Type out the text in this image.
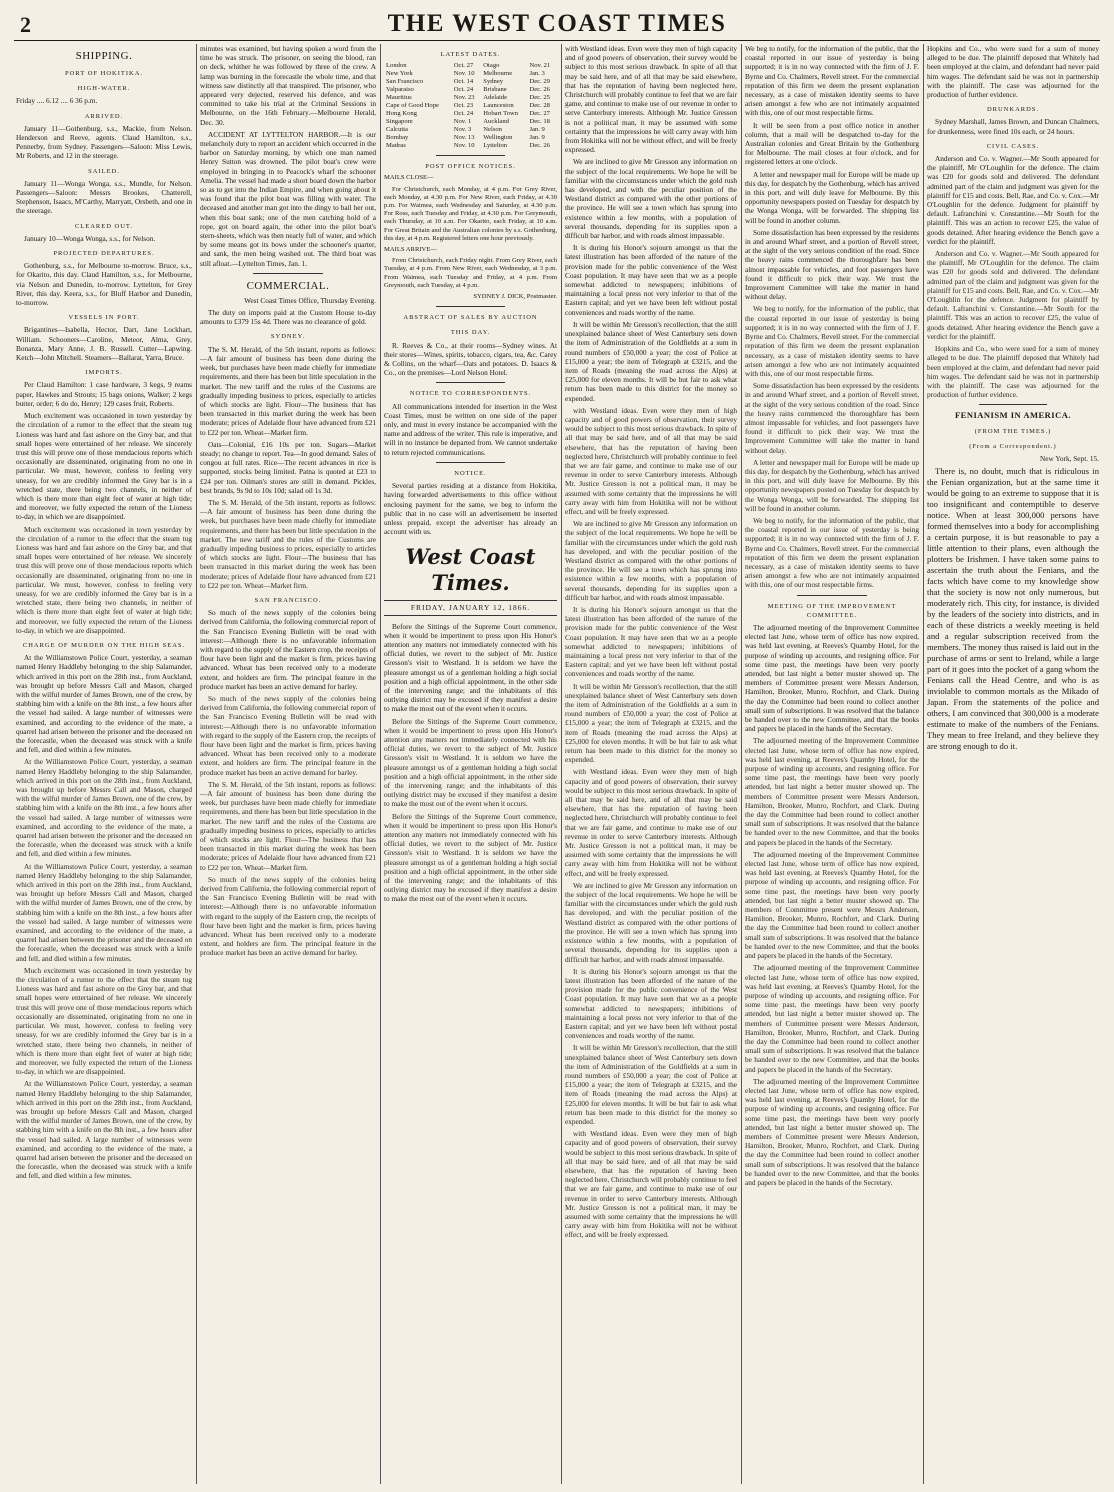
2	THE WEST COAST TIMES
SHIPPING.
PORT OF HOKITIKA.
HIGH-WATER.

Friday .... 6.12 .... 6 36 p.m.

ARRIVED.

January 11—Gothenburg, s.s., Mackie, from Nelson. Henderson and Reeve, agents. Claud Hamilton, s.s., Pennerby, from Sydney. Passengers—Saloon: Miss Lewis, Mr Roberts, and 12 in the steerage.

SAILED.

January 11—Wonga Wonga, s.s., Mundle, for Nelson. Passengers—Saloon: Messrs Brookes, Chatterell, Stephenson, Isaacs, M'Carthy, Marryatt, Orsbeth, and one in the steerage.

CLEARED OUT.

January 10—Wonga Wonga, s.s., for Nelson.

PROJECTED DEPARTURES.

Gothenburg, s.s., for Melbourne to-morrow. Bruce, s.s., for Okarito, this day. Claud Hamilton, s.s., for Melbourne, via Nelson and Dunedin, to-morrow. Lyttelton, for Grey River, this day. Keera, s.s., for Bluff Harbor and Dunedin, to-morrow.

VESSELS IN PORT.

Brigantines—Isabella, Hector, Dart, Jane Lockhart, William. Schooners—Caroline, Meteor, Alma, Grey, Bonanza, Mary Anne, J. B. Russell. Cutter—Lapwing. Ketch—John Mitchell. Steamers—Ballarat, Yarra, Bruce.

IMPORTS.

Per Claud Hamilton: 1 case hardware, 3 kegs, 9 reams paper, Hawkes and Strouts; 15 bags onions, Walker; 2 kegs butter, order; 6 do do, Henry; 129 cases fruit, Roberts.

Much excitement was occasioned in town yesterday by the circulation of a rumor to the effect that the steam tug Lioness was hard and fast ashore on the Grey bar, and that small hopes were entertained of her release. We sincerely trust this will prove one of those mendacious reports which occasionally are disseminated, originating from no one in particular. We must, however, confess to feeling very uneasy, for we are credibly informed the Grey bar is in a wretched state, there being two channels, in neither of which is there more than eight feet of water at high tide; and moreover, we fully expected the return of the Lioness to-day, in which we are disappointed.

Much excitement was occasioned in town yesterday by the circulation of a rumor to the effect that the steam tug Lioness was hard and fast ashore on the Grey bar, and that small hopes were entertained of her release. We sincerely trust this will prove one of those mendacious reports which occasionally are disseminated, originating from no one in particular. We must, however, confess to feeling very uneasy, for we are credibly informed the Grey bar is in a wretched state, there being two channels, in neither of which is there more than eight feet of water at high tide; and moreover, we fully expected the return of the Lioness to-day, in which we are disappointed.

CHARGE OF MURDER ON THE HIGH SEAS.

At the Williamstown Police Court, yesterday, a seaman named Henry Haddleby belonging to the ship Salamander, which arrived in this port on the 28th inst., from Auckland, was brought up before Messrs Call and Mason, charged with the wilful murder of James Brown, one of the crew, by stabbing him with a knife on the 8th inst., a few hours after the vessel had sailed. A large number of witnesses were examined, and according to the evidence of the mate, a quarrel had arisen between the prisoner and the deceased on the forecastle, when the deceased was struck with a knife and fell, and died within a few minutes.

At the Williamstown Police Court, yesterday, a seaman named Henry Haddleby belonging to the ship Salamander, which arrived in this port on the 28th inst., from Auckland, was brought up before Messrs Call and Mason, charged with the wilful murder of James Brown, one of the crew, by stabbing him with a knife on the 8th inst., a few hours after the vessel had sailed. A large number of witnesses were examined, and according to the evidence of the mate, a quarrel had arisen between the prisoner and the deceased on the forecastle, when the deceased was struck with a knife and fell, and died within a few minutes.

At the Williamstown Police Court, yesterday, a seaman named Henry Haddleby belonging to the ship Salamander, which arrived in this port on the 28th inst., from Auckland, was brought up before Messrs Call and Mason, charged with the wilful murder of James Brown, one of the crew, by stabbing him with a knife on the 8th inst., a few hours after the vessel had sailed. A large number of witnesses were examined, and according to the evidence of the mate, a quarrel had arisen between the prisoner and the deceased on the forecastle, when the deceased was struck with a knife and fell, and died within a few minutes.

Much excitement was occasioned in town yesterday by the circulation of a rumor to the effect that the steam tug Lioness was hard and fast ashore on the Grey bar, and that small hopes were entertained of her release. We sincerely trust this will prove one of those mendacious reports which occasionally are disseminated, originating from no one in particular. We must, however, confess to feeling very uneasy, for we are credibly informed the Grey bar is in a wretched state, there being two channels, in neither of which is there more than eight feet of water at high tide; and moreover, we fully expected the return of the Lioness to-day, in which we are disappointed.

At the Williamstown Police Court, yesterday, a seaman named Henry Haddleby belonging to the ship Salamander, which arrived in this port on the 28th inst., from Auckland, was brought up before Messrs Call and Mason, charged with the wilful murder of James Brown, one of the crew, by stabbing him with a knife on the 8th inst., a few hours after the vessel had sailed. A large number of witnesses were examined, and according to the evidence of the mate, a quarrel had arisen between the prisoner and the deceased on the forecastle, when the deceased was struck with a knife and fell, and died within a few minutes.

minutes was examined, but having spoken a word from the time he was struck. The prisoner, on seeing the blood, ran on deck, whither he was followed by three of the crew. A lamp was burning in the forecastle the whole time, and that witness saw distinctly all that transpired. The prisoner, who appeared very dejected, reserved his defence, and was committed to take his trial at the Criminal Sessions in Melbourne, on the 16th February.—Melbourne Herald, Dec. 30.

ACCIDENT AT LYTTELTON HARBOR.—It is our melancholy duty to report an accident which occurred in the harbor on Saturday morning, by which one man named Henry Sutton was drowned. The pilot boat's crew were employed in bringing in to Peacock's wharf the schooner Amelia. The vessel had made a short board down the harbor so as to get into the Indian Empire, and when going about it was found that the pilot boat was filling with water. The deceased and another man got into the dingy to bail her out, when this boat sank; one of the men catching hold of a rope, got on board again, the other into the pilot boat's stern-sheets, which was then nearly full of water, and which by some means got its bows under the schooner's quarter, and sank, the men being washed out. The third boat was still afloat.—Lyttelton Times, Jan. 1.

COMMERCIAL.

West Coast Times Office, Thursday Evening.

The duty on imports paid at the Custom House to-day amounts to £379 15s 4d. There was no clearance of gold.

SYDNEY.

The S. M. Herald, of the 5th instant, reports as follows:—A fair amount of business has been done during the week, but purchases have been made chiefly for immediate requirements, and there has been but little speculation in the market. The new tariff and the rules of the Customs are gradually impeding business to prices, especially to articles of which stocks are light. Flour—The business that has been transacted in this market during the week has been moderate; prices of Adelaide flour have advanced from £21 to £22 per ton. Wheat—Market firm.

Oats—Colonial, £16 10s per ton. Sugars—Market steady; no change to report. Tea—In good demand. Sales of congou at full rates. Rice—The recent advances in rice is supported, stocks being limited. Patna is quoted at £23 to £24 per ton. Oilman's stores are still in demand. Pickles, best brands, 9s 9d to 10s 10d; salad oil 1s 3d.

The S. M. Herald, of the 5th instant, reports as follows:—A fair amount of business has been done during the week, but purchases have been made chiefly for immediate requirements, and there has been but little speculation in the market. The new tariff and the rules of the Customs are gradually impeding business to prices, especially to articles of which stocks are light. Flour—The business that has been transacted in this market during the week has been moderate; prices of Adelaide flour have advanced from £21 to £22 per ton. Wheat—Market firm.

SAN FRANCISCO.

So much of the news supply of the colonies being derived from California, the following commercial report of the San Francisco Evening Bulletin will be read with interest:—Although there is no unfavorable information with regard to the supply of the Eastern crop, the receipts of flour have been light and the market is firm, prices having advanced. Wheat has been received only to a moderate extent, and holders are firm. The principal feature in the produce market has been an active demand for barley.

So much of the news supply of the colonies being derived from California, the following commercial report of the San Francisco Evening Bulletin will be read with interest:—Although there is no unfavorable information with regard to the supply of the Eastern crop, the receipts of flour have been light and the market is firm, prices having advanced. Wheat has been received only to a moderate extent, and holders are firm. The principal feature in the produce market has been an active demand for barley.

The S. M. Herald, of the 5th instant, reports as follows:—A fair amount of business has been done during the week, but purchases have been made chiefly for immediate requirements, and there has been but little speculation in the market. The new tariff and the rules of the Customs are gradually impeding business to prices, especially to articles of which stocks are light. Flour—The business that has been transacted in this market during the week has been moderate; prices of Adelaide flour have advanced from £21 to £22 per ton. Wheat—Market firm.

So much of the news supply of the colonies being derived from California, the following commercial report of the San Francisco Evening Bulletin will be read with interest:—Although there is no unfavorable information with regard to the supply of the Eastern crop, the receipts of flour have been light and the market is firm, prices having advanced. Wheat has been received only to a moderate extent, and holders are firm. The principal feature in the produce market has been an active demand for barley.

LATEST DATES.
London	Oct. 27	Otago	Nov. 21
New York	Nov. 10	Melbourne	Jan. 3
San Francisco	Oct. 14	Sydney	Dec. 29
Valparaiso	Oct. 24	Brisbane	Dec. 26
Mauritius	Nov. 23	Adelaide	Dec. 25
Cape of Good Hope	Oct. 23	Launceston	Dec. 28
Hong Kong	Oct. 24	Hobart Town	Dec. 27
Singapore	Nov. 1	Auckland	Dec. 18
Calcutta	Nov. 3	Nelson	Jan. 9
Bombay	Nov. 13	Wellington	Jan. 9
Madras	Nov. 10	Lyttelton	Dec. 26
POST OFFICE NOTICES.

MAILS CLOSE—

For Christchurch, each Monday, at 4 p.m. For Grey River, each Monday, at 4.30 p.m. For New River, each Friday, at 4.30 p.m. For Waimea, each Wednesday and Saturday, at 4.30 p.m. For Ross, each Tuesday and Friday, at 4.30 p.m. For Greymouth, each Thursday, at 10 a.m. For Okarito, each Friday, at 10 a.m. For Great Britain and the Australian colonies by s.s. Gothenburg, this day, at 4 p.m. Registered letters one hour previously.

MAILS ARRIVE—

From Christchurch, each Friday night. From Grey River, each Tuesday, at 4 p.m. From New River, each Wednesday, at 3 p.m. From Waimea, each Tuesday and Friday, at 4 p.m. From Greymouth, each Tuesday, at 4 p.m.

SYDNEY J. DICK, Postmaster.

ABSTRACT OF SALES BY AUCTION
THIS DAY.

R. Reeves & Co., at their rooms—Sydney wines. At their stores—Wines, spirits, tobacco, cigars, tea, &c. Carey & Collins, on the wharf—Oats and potatoes. D. Isaacs & Co., on the premises—Lord Nelson Hotel.

NOTICE TO CORRESPONDENTS.

All communications intended for insertion in the West Coast Times, must be written on one side of the paper only, and must in every instance be accompanied with the name and address of the writer. This rule is imperative, and will in no instance be departed from. We cannot undertake to return rejected communications.

NOTICE.

Several parties residing at a distance from Hokitika, having forwarded advertisements to this office without enclosing payment for the same, we beg to inform the public that in no case will an advertisement be inserted unless prepaid, except the advertiser has already an account with us.

West Coast Times.
FRIDAY, JANUARY 12, 1866.

Before the Sittings of the Supreme Court commence, when it would be impertinent to press upon His Honor's attention any matters not immediately connected with his official duties, we revert to the subject of Mr. Justice Gresson's visit to Westland. It is seldom we have the pleasure amongst us of a gentleman holding a high social position and a high official appointment, in the other side of the intervening range; and the inhabitants of this outlying district may be excused if they manifest a desire to make the most out of the event when it occurs.

Before the Sittings of the Supreme Court commence, when it would be impertinent to press upon His Honor's attention any matters not immediately connected with his official duties, we revert to the subject of Mr. Justice Gresson's visit to Westland. It is seldom we have the pleasure amongst us of a gentleman holding a high social position and a high official appointment, in the other side of the intervening range; and the inhabitants of this outlying district may be excused if they manifest a desire to make the most out of the event when it occurs.

Before the Sittings of the Supreme Court commence, when it would be impertinent to press upon His Honor's attention any matters not immediately connected with his official duties, we revert to the subject of Mr. Justice Gresson's visit to Westland. It is seldom we have the pleasure amongst us of a gentleman holding a high social position and a high official appointment, in the other side of the intervening range; and the inhabitants of this outlying district may be excused if they manifest a desire to make the most out of the event when it occurs.

with Westland ideas. Even were they men of high capacity and of good powers of observation, their survey would be subject to this most serious drawback. In spite of all that may be said here, and of all that may be said elsewhere, that has the reputation of having been neglected here, Christchurch will probably continue to feel that we are fair game, and continue to make use of our revenue in order to serve Canterbury interests. Although Mr. Justice Gresson is not a political man, it may be assumed with some certainty that the impressions he will carry away with him from Hokitika will not be without effect, and will be freely expressed.

We are inclined to give Mr Gresson any information on the subject of the local requirements. We hope he will be familiar with the circumstances under which the gold rush has developed, and with the peculiar position of the Westland district as compared with the other portions of the province. He will see a town which has sprung into existence within a few months, with a population of several thousands, depending for its supplies upon a difficult bar harbor, and with roads almost impassable.

It is during his Honor's sojourn amongst us that the latest illustration has been afforded of the nature of the provision made for the public convenience of the West Coast population. It may have seen that we as a people somewhat addicted to newspapers; inhibitions of maintaining a local press not very inferior to that of the Eastern capital; and yet we have been left without postal conveniences and roads worthy of the name.

It will be within Mr Gresson's recollection, that the still unexplained balance sheet of West Canterbury sets down the item of Administration of the Goldfields at a sum in round numbers of £50,000 a year; the cost of Police at £15,000 a year; the item of Telegraph at £3215, and the item of Roads (meaning the road across the Alps) at £25,000 for eleven months. It will be but fair to ask what return has been made to this district for the money so expended.

with Westland ideas. Even were they men of high capacity and of good powers of observation, their survey would be subject to this most serious drawback. In spite of all that may be said here, and of all that may be said elsewhere, that has the reputation of having been neglected here, Christchurch will probably continue to feel that we are fair game, and continue to make use of our revenue in order to serve Canterbury interests. Although Mr. Justice Gresson is not a political man, it may be assumed with some certainty that the impressions he will carry away with him from Hokitika will not be without effect, and will be freely expressed.

We are inclined to give Mr Gresson any information on the subject of the local requirements. We hope he will be familiar with the circumstances under which the gold rush has developed, and with the peculiar position of the Westland district as compared with the other portions of the province. He will see a town which has sprung into existence within a few months, with a population of several thousands, depending for its supplies upon a difficult bar harbor, and with roads almost impassable.

It is during his Honor's sojourn amongst us that the latest illustration has been afforded of the nature of the provision made for the public convenience of the West Coast population. It may have seen that we as a people somewhat addicted to newspapers; inhibitions of maintaining a local press not very inferior to that of the Eastern capital; and yet we have been left without postal conveniences and roads worthy of the name.

It will be within Mr Gresson's recollection, that the still unexplained balance sheet of West Canterbury sets down the item of Administration of the Goldfields at a sum in round numbers of £50,000 a year; the cost of Police at £15,000 a year; the item of Telegraph at £3215, and the item of Roads (meaning the road across the Alps) at £25,000 for eleven months. It will be but fair to ask what return has been made to this district for the money so expended.

with Westland ideas. Even were they men of high capacity and of good powers of observation, their survey would be subject to this most serious drawback. In spite of all that may be said here, and of all that may be said elsewhere, that has the reputation of having been neglected here, Christchurch will probably continue to feel that we are fair game, and continue to make use of our revenue in order to serve Canterbury interests. Although Mr. Justice Gresson is not a political man, it may be assumed with some certainty that the impressions he will carry away with him from Hokitika will not be without effect, and will be freely expressed.

We are inclined to give Mr Gresson any information on the subject of the local requirements. We hope he will be familiar with the circumstances under which the gold rush has developed, and with the peculiar position of the Westland district as compared with the other portions of the province. He will see a town which has sprung into existence within a few months, with a population of several thousands, depending for its supplies upon a difficult bar harbor, and with roads almost impassable.

It is during his Honor's sojourn amongst us that the latest illustration has been afforded of the nature of the provision made for the public convenience of the West Coast population. It may have seen that we as a people somewhat addicted to newspapers; inhibitions of maintaining a local press not very inferior to that of the Eastern capital; and yet we have been left without postal conveniences and roads worthy of the name.

It will be within Mr Gresson's recollection, that the still unexplained balance sheet of West Canterbury sets down the item of Administration of the Goldfields at a sum in round numbers of £50,000 a year; the cost of Police at £15,000 a year; the item of Telegraph at £3215, and the item of Roads (meaning the road across the Alps) at £25,000 for eleven months. It will be but fair to ask what return has been made to this district for the money so expended.

with Westland ideas. Even were they men of high capacity and of good powers of observation, their survey would be subject to this most serious drawback. In spite of all that may be said here, and of all that may be said elsewhere, that has the reputation of having been neglected here, Christchurch will probably continue to feel that we are fair game, and continue to make use of our revenue in order to serve Canterbury interests. Although Mr. Justice Gresson is not a political man, it may be assumed with some certainty that the impressions he will carry away with him from Hokitika will not be without effect, and will be freely expressed.

We beg to notify, for the information of the public, that the coastal reported in our issue of yesterday is being supported; it is in no way connected with the firm of J. F. Byrne and Co. Chalmers, Revell street. For the commercial reputation of this firm we deem the present explanation necessary, as a case of mistaken identity seems to have arisen amongst a few who are not intimately acquainted with this, one of our most respectable firms.

It will be seen from a post office notice in another column, that a mail will be despatched to-day for the Australian colonies and Great Britain by the Gothenburg for Melbourne. The mail closes at four o'clock, and for registered letters at one o'clock.

A letter and newspaper mail for Europe will be made up this day, for despatch by the Gothenburg, which has arrived in this port, and will duly leave for Melbourne. By this opportunity newspapers posted on Tuesday for despatch by the Wonga Wonga, will be forwarded. The shipping list will be found in another column.

Some dissatisfaction has been expressed by the residents in and around Wharf street, and a portion of Revell street, at the sight of the very serious condition of the road. Since the heavy rains commenced the thoroughfare has been almost impassable for vehicles, and foot passengers have found it difficult to pick their way. We trust the Improvement Committee will take the matter in hand without delay.

We beg to notify, for the information of the public, that the coastal reported in our issue of yesterday is being supported; it is in no way connected with the firm of J. F. Byrne and Co. Chalmers, Revell street. For the commercial reputation of this firm we deem the present explanation necessary, as a case of mistaken identity seems to have arisen amongst a few who are not intimately acquainted with this, one of our most respectable firms.

Some dissatisfaction has been expressed by the residents in and around Wharf street, and a portion of Revell street, at the sight of the very serious condition of the road. Since the heavy rains commenced the thoroughfare has been almost impassable for vehicles, and foot passengers have found it difficult to pick their way. We trust the Improvement Committee will take the matter in hand without delay.

A letter and newspaper mail for Europe will be made up this day, for despatch by the Gothenburg, which has arrived in this port, and will duly leave for Melbourne. By this opportunity newspapers posted on Tuesday for despatch by the Wonga Wonga, will be forwarded. The shipping list will be found in another column.

We beg to notify, for the information of the public, that the coastal reported in our issue of yesterday is being supported; it is in no way connected with the firm of J. F. Byrne and Co. Chalmers, Revell street. For the commercial reputation of this firm we deem the present explanation necessary, as a case of mistaken identity seems to have arisen amongst a few who are not intimately acquainted with this, one of our most respectable firms.

MEETING OF THE IMPROVEMENT COMMITTEE.

The adjourned meeting of the Improvement Committee elected last June, whose term of office has now expired, was held last evening, at Reeves's Quamby Hotel, for the purpose of winding up accounts, and resigning office. For some time past, the meetings have been very poorly attended, but last night a better muster showed up. The members of Committee present were Messrs Anderson, Hamilton, Brooker, Munro, Rochfort, and Clark. During the day the Committee had been round to collect another small sum of subscriptions. It was resolved that the balance be handed over to the new Committee, and that the books and papers be placed in the hands of the Secretary.

The adjourned meeting of the Improvement Committee elected last June, whose term of office has now expired, was held last evening, at Reeves's Quamby Hotel, for the purpose of winding up accounts, and resigning office. For some time past, the meetings have been very poorly attended, but last night a better muster showed up. The members of Committee present were Messrs Anderson, Hamilton, Brooker, Munro, Rochfort, and Clark. During the day the Committee had been round to collect another small sum of subscriptions. It was resolved that the balance be handed over to the new Committee, and that the books and papers be placed in the hands of the Secretary.

The adjourned meeting of the Improvement Committee elected last June, whose term of office has now expired, was held last evening, at Reeves's Quamby Hotel, for the purpose of winding up accounts, and resigning office. For some time past, the meetings have been very poorly attended, but last night a better muster showed up. The members of Committee present were Messrs Anderson, Hamilton, Brooker, Munro, Rochfort, and Clark. During the day the Committee had been round to collect another small sum of subscriptions. It was resolved that the balance be handed over to the new Committee, and that the books and papers be placed in the hands of the Secretary.

The adjourned meeting of the Improvement Committee elected last June, whose term of office has now expired, was held last evening, at Reeves's Quamby Hotel, for the purpose of winding up accounts, and resigning office. For some time past, the meetings have been very poorly attended, but last night a better muster showed up. The members of Committee present were Messrs Anderson, Hamilton, Brooker, Munro, Rochfort, and Clark. During the day the Committee had been round to collect another small sum of subscriptions. It was resolved that the balance be handed over to the new Committee, and that the books and papers be placed in the hands of the Secretary.

The adjourned meeting of the Improvement Committee elected last June, whose term of office has now expired, was held last evening, at Reeves's Quamby Hotel, for the purpose of winding up accounts, and resigning office. For some time past, the meetings have been very poorly attended, but last night a better muster showed up. The members of Committee present were Messrs Anderson, Hamilton, Brooker, Munro, Rochfort, and Clark. During the day the Committee had been round to collect another small sum of subscriptions. It was resolved that the balance be handed over to the new Committee, and that the books and papers be placed in the hands of the Secretary.

Hopkins and Co., who were sued for a sum of money alleged to be due. The plaintiff deposed that Whitely had been employed at the claim, and defendant had never paid him wages. The defendant said he was not in partnership with the plaintiff. The case was adjourned for the production of further evidence.

DRUNKARDS.

Sydney Marshall, James Brown, and Duncan Chalmers, for drunkenness, were fined 10s each, or 24 hours.

CIVIL CASES.

Anderson and Co. v. Wagner.—Mr South appeared for the plaintiff, Mr O'Loughlin for the defence. The claim was £20 for goods sold and delivered. The defendant admitted part of the claim and judgment was given for the plaintiff for £15 and costs. Bell, Rae, and Co. v. Cox.—Mr O'Loughlin for the defence. Judgment for plaintiff by default. Lafranchini v. Constantine.—Mr South for the plaintiff. This was an action to recover £25, the value of goods detained. After hearing evidence the Bench gave a verdict for the plaintiff.

Anderson and Co. v. Wagner.—Mr South appeared for the plaintiff, Mr O'Loughlin for the defence. The claim was £20 for goods sold and delivered. The defendant admitted part of the claim and judgment was given for the plaintiff for £15 and costs. Bell, Rae, and Co. v. Cox.—Mr O'Loughlin for the defence. Judgment for plaintiff by default. Lafranchini v. Constantine.—Mr South for the plaintiff. This was an action to recover £25, the value of goods detained. After hearing evidence the Bench gave a verdict for the plaintiff.

Hopkins and Co., who were sued for a sum of money alleged to be due. The plaintiff deposed that Whitely had been employed at the claim, and defendant had never paid him wages. The defendant said he was not in partnership with the plaintiff. The case was adjourned for the production of further evidence.

FENIANISM IN AMERICA.
(FROM THE TIMES.)
(From a Correspondent.)

New York, Sept. 15.

There is, no doubt, much that is ridiculous in the Fenian organization, but at the same time it would be going to an extreme to suppose that it is too insignificant and contemptible to deserve notice. When at least 300,000 persons have formed themselves into a body for accomplishing a certain purpose, it is but reasonable to pay a little attention to their plans, even although the plotters be Irishmen. I have taken some pains to ascertain the truth about the Fenians, and the facts which have come to my knowledge show that the society is now not only numerous, but moderately rich. This city, for instance, is divided by the leaders of the society into districts, and in each of these districts a weekly meeting is held and a regular subscription received from the members. The money thus raised is laid out in the purchase of arms or sent to Ireland, while a large part of it goes into the pocket of a gang whom the Fenians call the Head Centre, and who is as inviolable to common mortals as the Mikado of Japan. From the statements of the police and others, I am convinced that 300,000 is a moderate estimate to make of the numbers of the Fenians. They mean to free Ireland, and they believe they are strong enough to do it.
